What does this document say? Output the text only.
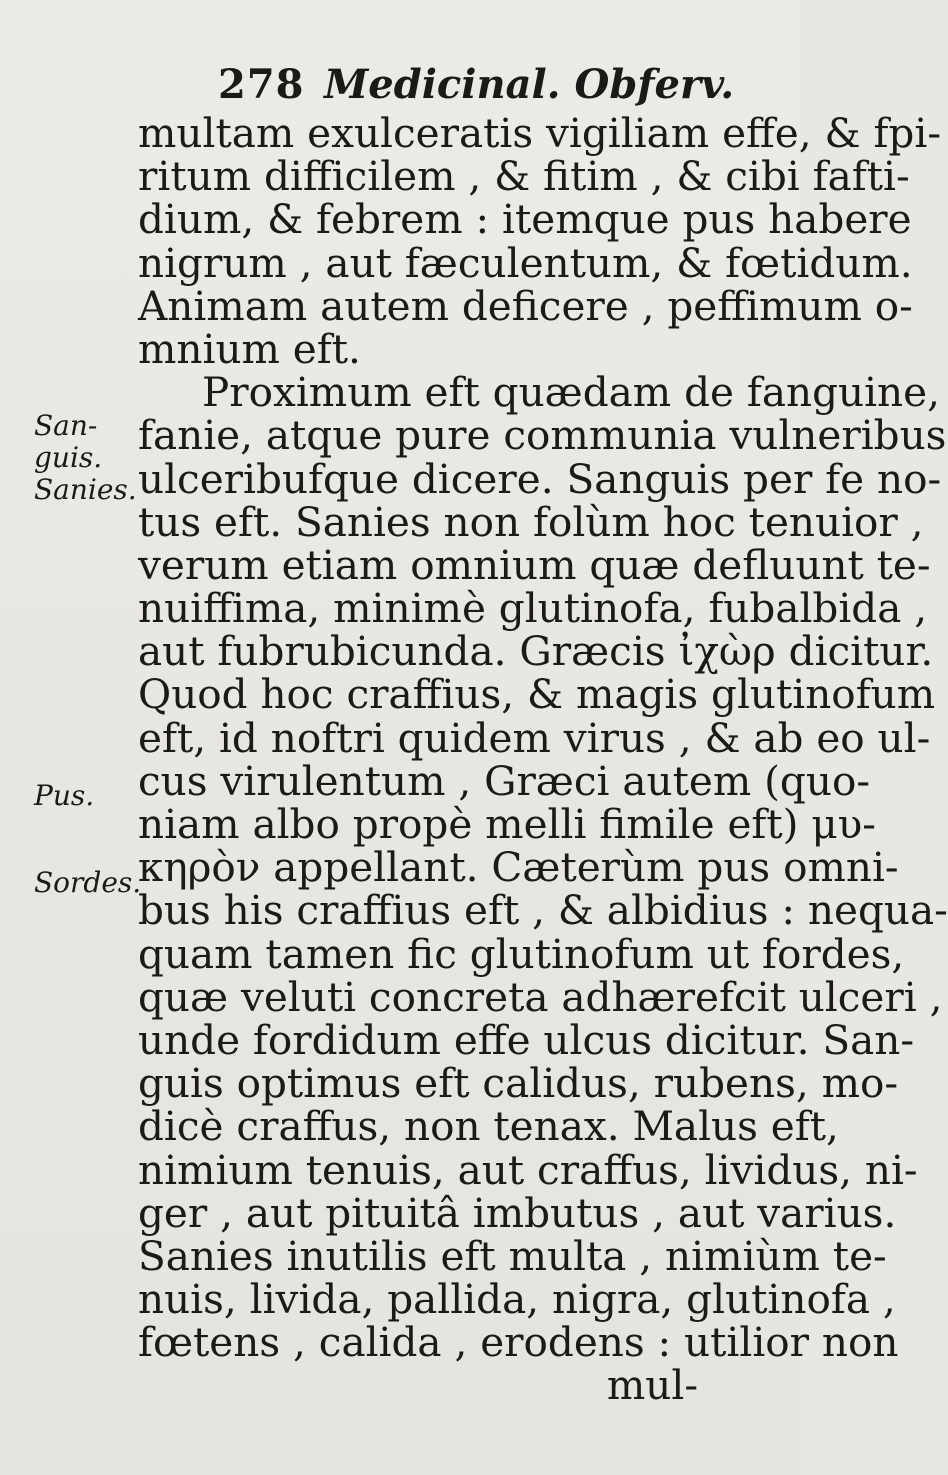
278 Medicinal. Obferv.
San-
guis.
Sanies.
Pus.
Sordes.
multam exulceratis vigiliam effe, & fpi-
ritum difficilem , & fitim , & cibi fafti-
dium, & febrem : itemque pus habere
nigrum , aut fæculentum, & fœtidum.
Animam autem deficere , peffimum o-
mnium eft.
Proximum eft quædam de fanguine,
fanie, atque pure communia vulneribus
ulceribufque dicere. Sanguis per fe no-
tus eft. Sanies non folùm hoc tenuior ,
verum etiam omnium quæ defluunt te-
nuiffima, minimè glutinofa, fubalbida ,
aut fubrubicunda. Græcis ἰχὼρ dicitur.
Quod hoc craffius, & magis glutinofum
eft, id noftri quidem virus , & ab eo ul-
cus virulentum , Græci autem (quo-
niam albo propè melli fimile eft) μυ-
κηρὸν appellant. Cæterùm pus omni-
bus his craffius eft , & albidius : nequa-
quam tamen fic glutinofum ut fordes,
quæ veluti concreta adhærefcit ulceri ,
unde fordidum effe ulcus dicitur. San-
guis optimus eft calidus, rubens, mo-
dicè craffus, non tenax. Malus eft,
nimium tenuis, aut craffus, lividus, ni-
ger , aut pituitâ imbutus , aut varius.
Sanies inutilis eft multa , nimiùm te-
nuis, livida, pallida, nigra, glutinofa ,
fœtens , calida , erodens : utilior non
mul-
